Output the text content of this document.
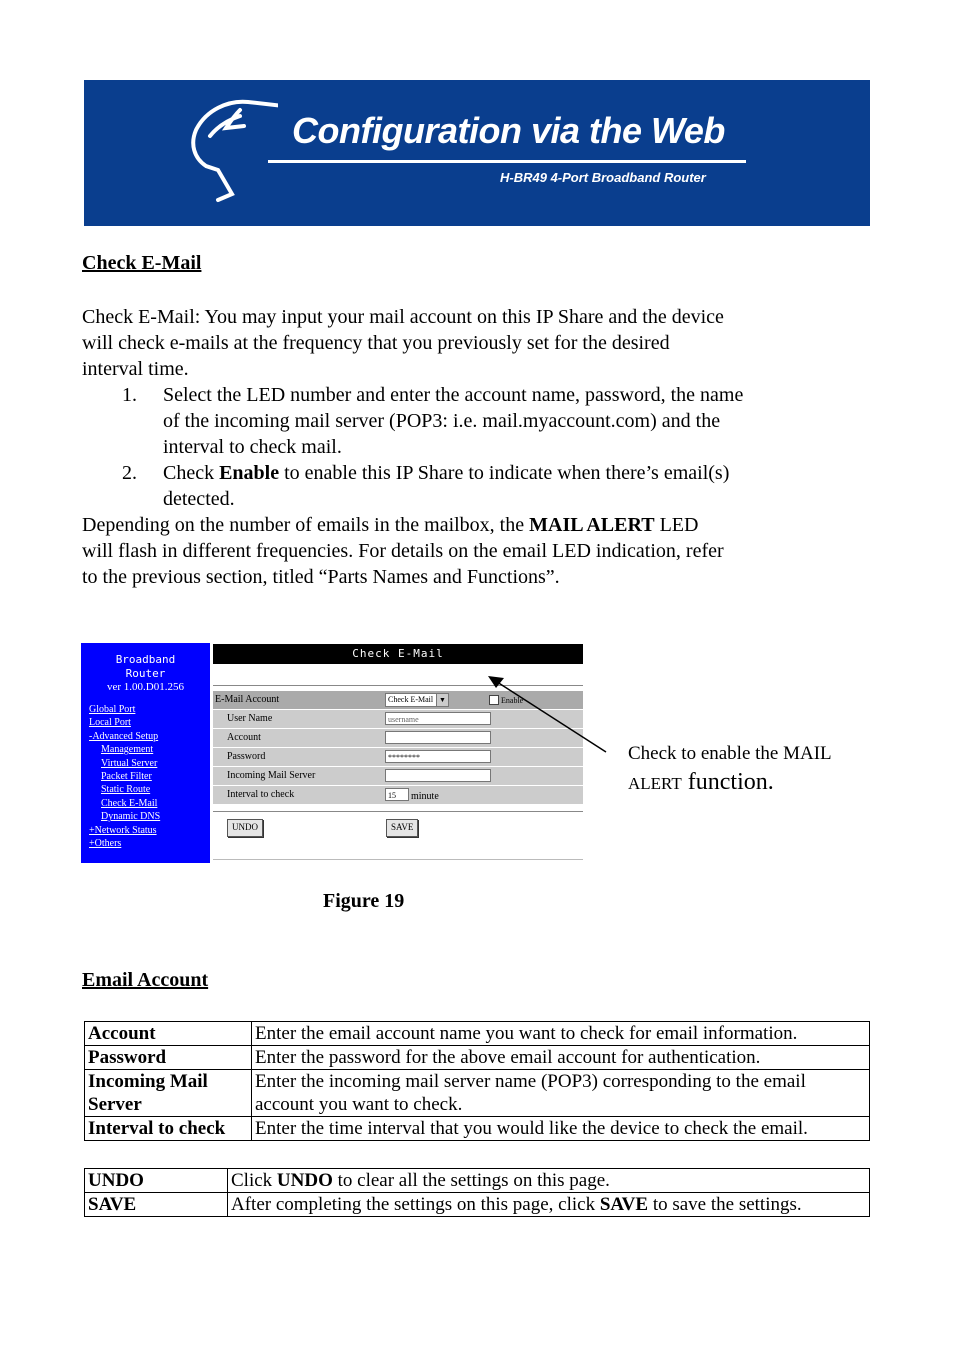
Configuration via the Web
H-BR49 4-Port Broadband Router
Check E-Mail
Check E-Mail: You may input your mail account on this IP Share and the device
will check e-mails at the frequency that you previously set for the desired
interval time.
1. Select the LED number and enter the account name, password, the name
of the incoming mail server (POP3: i.e. mail.myaccount.com) and the
interval to check mail.
2. Check Enable to enable this IP Share to indicate when there’s email(s)
detected.
Depending on the number of emails in the mailbox, the MAIL ALERT LED
will flash in different frequencies. For details on the email LED indication, refer
to the previous section, titled “Parts Names and Functions”.
Broadband
Router
ver 1.00.D01.256
Global Port
Local Port
-Advanced Setup
Management
Virtual Server
Packet Filter
Static Route
Check E-Mail
Dynamic DNS
+Network Status
+Others
Check E-Mail
E-Mail Account	Check E-Mail ▼	Enable
User Name	username
Account
Password	********
Incoming Mail Server
Interval to check	15	minute
UNDO	SAVE
Check to enable the MAIL
ALERT function.
Figure 19
Email Account
Account	Enter the email account name you want to check for email information.
Password	Enter the password for the above email account for authentication.
Incoming Mail Server	Enter the incoming mail server name (POP3) corresponding to the email account you want to check.
Interval to check	Enter the time interval that you would like the device to check the email.
UNDO	Click UNDO to clear all the settings on this page.
SAVE	After completing the settings on this page, click SAVE to save the settings.
